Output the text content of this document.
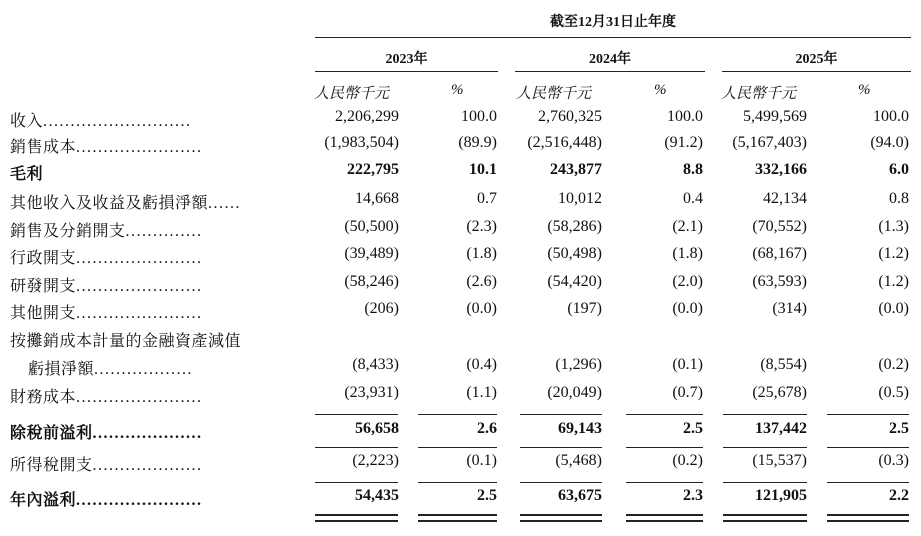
截至12月31日止年度
2023年	2024年	2025年
人民幣千元	%	人民幣千元	%	人民幣千元	%
收入...........................	2,206,299	100.0	2,760,325	100.0	5,499,569	100.0
銷售成本.......................	(1,983,504)	(89.9) (2,516,448)	(91.2) (5,167,403)	(94.0)
毛利	222,795	10.1	243,877	8.8	332,166	6.0
其他收入及收益及虧損淨額......	14,668	0.7	10,012	0.4	42,134	0.8
銷售及分銷開支..............	(50,500)	(2.3)	(58,286)	(2.1)	(70,552)	(1.3)
行政開支.......................	(39,489)	(1.8)	(50,498)	(1.8)	(68,167)	(1.2)
研發開支.......................	(58,246)	(2.6)	(54,420)	(2.0)	(63,593)	(1.2)
其他開支.......................	(206)	(0.0)	(197)	(0.0)	(314)	(0.0)
按攤銷成本計量的金融資產減值
虧損淨額..................	(8,433)	(0.4)	(1,296)	(0.1)	(8,554)	(0.2)
財務成本.......................	(23,931)	(1.1)	(20,049)	(0.7)	(25,678)	(0.5)
除稅前溢利....................	56,658	2.6	69,143	2.5	137,442	2.5
所得稅開支....................	(2,223)	(0.1)	(5,468)	(0.2)	(15,537)	(0.3)
年內溢利.......................	54,435	2.5	63,675	2.3	121,905	2.2
